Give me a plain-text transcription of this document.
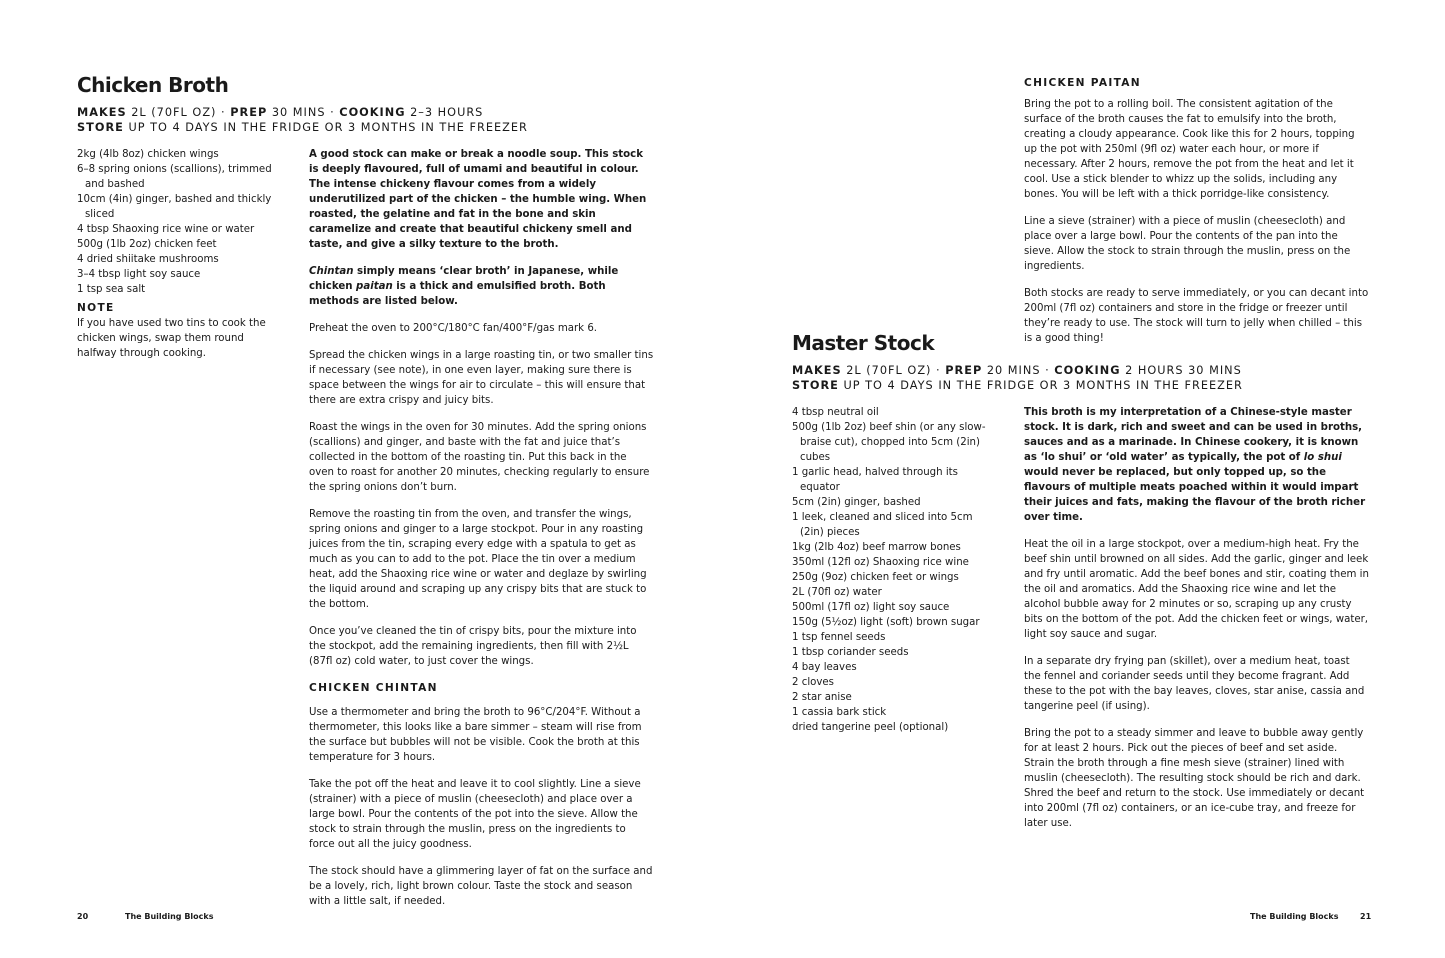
Chicken Broth
MAKES 2L (70FL OZ) · PREP 30 MINS · COOKING 2–3 HOURS
STORE UP TO 4 DAYS IN THE FRIDGE OR 3 MONTHS IN THE FREEZER
2kg (4lb 8oz) chicken wings
6–8 spring onions (scallions), trimmed and bashed
10cm (4in) ginger, bashed and thickly sliced
4 tbsp Shaoxing rice wine or water
500g (1lb 2oz) chicken feet
4 dried shiitake mushrooms
3–4 tbsp light soy sauce
1 tsp sea salt
NOTE
If you have used two tins to cook the chicken wings, swap them round halfway through cooking.

A good stock can make or break a noodle soup. This stock is deeply flavoured, full of umami and beautiful in colour. The intense chickeny flavour comes from a widely underutilized part of the chicken – the humble wing. When roasted, the gelatine and fat in the bone and skin caramelize and create that beautiful chickeny smell and taste, and give a silky texture to the broth.

Chintan simply means ‘clear broth’ in Japanese, while chicken paitan is a thick and emulsified broth. Both methods are listed below.

Preheat the oven to 200°C/180°C fan/400°F/gas mark 6.

Spread the chicken wings in a large roasting tin, or two smaller tins if necessary (see note), in one even layer, making sure there is space between the wings for air to circulate – this will ensure that there are extra crispy and juicy bits.

Roast the wings in the oven for 30 minutes. Add the spring onions (scallions) and ginger, and baste with the fat and juice that’s collected in the bottom of the roasting tin. Put this back in the oven to roast for another 20 minutes, checking regularly to ensure the spring onions don’t burn.

Remove the roasting tin from the oven, and transfer the wings, spring onions and ginger to a large stockpot. Pour in any roasting juices from the tin, scraping every edge with a spatula to get as much as you can to add to the pot. Place the tin over a medium heat, add the Shaoxing rice wine or water and deglaze by swirling the liquid around and scraping up any crispy bits that are stuck to the bottom.

Once you’ve cleaned the tin of crispy bits, pour the mixture into the stockpot, add the remaining ingredients, then fill with 2½L (87fl oz) cold water, to just cover the wings.

CHICKEN CHINTAN

Use a thermometer and bring the broth to 96°C/204°F. Without a thermometer, this looks like a bare simmer – steam will rise from the surface but bubbles will not be visible. Cook the broth at this temperature for 3 hours.

Take the pot off the heat and leave it to cool slightly. Line a sieve (strainer) with a piece of muslin (cheesecloth) and place over a large bowl. Pour the contents of the pot into the sieve. Allow the stock to strain through the muslin, press on the ingredients to force out all the juicy goodness.

The stock should have a glimmering layer of fat on the surface and be a lovely, rich, light brown colour. Taste the stock and season with a little salt, if needed.

20	The Building Blocks
CHICKEN PAITAN

Bring the pot to a rolling boil. The consistent agitation of the surface of the broth causes the fat to emulsify into the broth, creating a cloudy appearance. Cook like this for 2 hours, topping up the pot with 250ml (9fl oz) water each hour, or more if necessary. After 2 hours, remove the pot from the heat and let it cool. Use a stick blender to whizz up the solids, including any bones. You will be left with a thick porridge-like consistency.

Line a sieve (strainer) with a piece of muslin (cheesecloth) and place over a large bowl. Pour the contents of the pan into the sieve. Allow the stock to strain through the muslin, press on the ingredients.

Both stocks are ready to serve immediately, or you can decant into 200ml (7fl oz) containers and store in the fridge or freezer until they’re ready to use. The stock will turn to jelly when chilled – this is a good thing!

Master Stock
MAKES 2L (70FL OZ) · PREP 20 MINS · COOKING 2 HOURS 30 MINS
STORE UP TO 4 DAYS IN THE FRIDGE OR 3 MONTHS IN THE FREEZER
4 tbsp neutral oil
500g (1lb 2oz) beef shin (or any slow-braise cut), chopped into 5cm (2in) cubes
1 garlic head, halved through its equator
5cm (2in) ginger, bashed
1 leek, cleaned and sliced into 5cm (2in) pieces
1kg (2lb 4oz) beef marrow bones
350ml (12fl oz) Shaoxing rice wine
250g (9oz) chicken feet or wings
2L (70fl oz) water
500ml (17fl oz) light soy sauce
150g (5½oz) light (soft) brown sugar
1 tsp fennel seeds
1 tbsp coriander seeds
4 bay leaves
2 cloves
2 star anise
1 cassia bark stick
dried tangerine peel (optional)

This broth is my interpretation of a Chinese-style master stock. It is dark, rich and sweet and can be used in broths, sauces and as a marinade. In Chinese cookery, it is known as ‘lo shui’ or ‘old water’ as typically, the pot of lo shui would never be replaced, but only topped up, so the flavours of multiple meats poached within it would impart their juices and fats, making the flavour of the broth richer over time.

Heat the oil in a large stockpot, over a medium-high heat. Fry the beef shin until browned on all sides. Add the garlic, ginger and leek and fry until aromatic. Add the beef bones and stir, coating them in the oil and aromatics. Add the Shaoxing rice wine and let the alcohol bubble away for 2 minutes or so, scraping up any crusty bits on the bottom of the pot. Add the chicken feet or wings, water, light soy sauce and sugar.

In a separate dry frying pan (skillet), over a medium heat, toast the fennel and coriander seeds until they become fragrant. Add these to the pot with the bay leaves, cloves, star anise, cassia and tangerine peel (if using).

Bring the pot to a steady simmer and leave to bubble away gently for at least 2 hours. Pick out the pieces of beef and set aside. Strain the broth through a fine mesh sieve (strainer) lined with muslin (cheesecloth). The resulting stock should be rich and dark. Shred the beef and return to the stock. Use immediately or decant into 200ml (7fl oz) containers, or an ice-cube tray, and freeze for later use.

The Building Blocks	21
